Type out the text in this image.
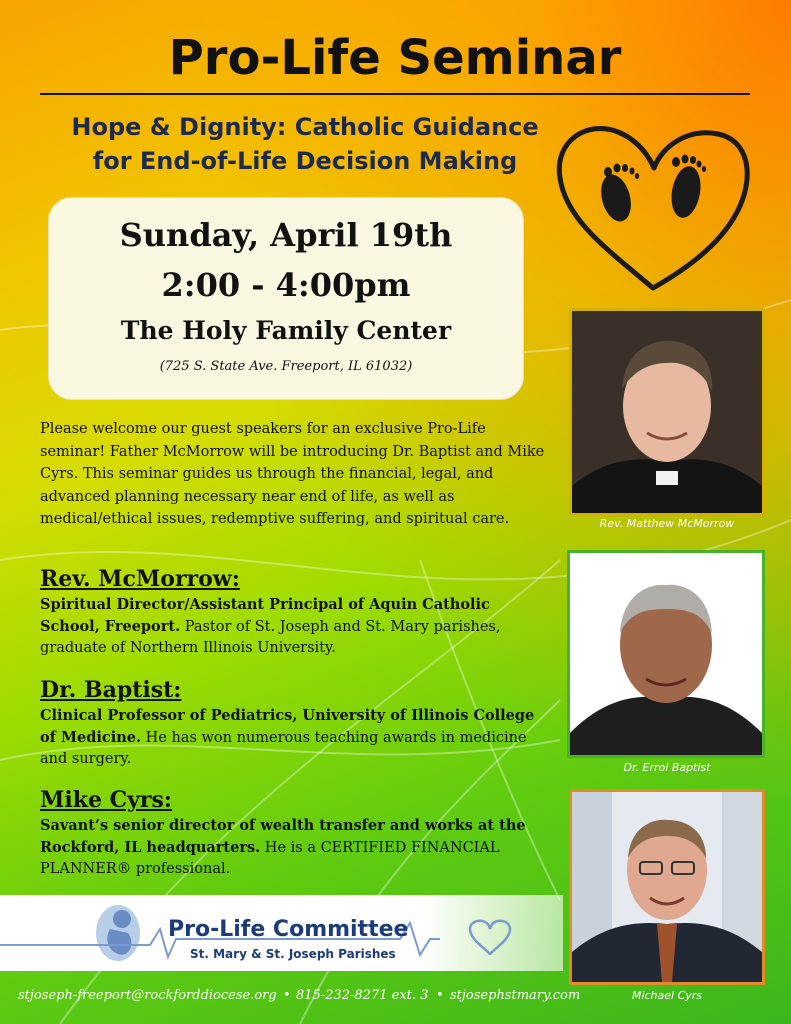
Pro-Life Seminar
Hope & Dignity: Catholic Guidance
for End-of-Life Decision Making
Sunday, April 19th
2:00 - 4:00pm
The Holy Family Center
(725 S. State Ave. Freeport, IL 61032)
Please welcome our guest speakers for an exclusive Pro-Life seminar! Father McMorrow will be introducing Dr. Baptist and Mike Cyrs. This seminar guides us through the financial, legal, and advanced planning necessary near end of life, as well as medical/ethical issues, redemptive suffering, and spiritual care.
Rev. McMorrow:

Spiritual Director/Assistant Principal of Aquin Catholic School, Freeport. Pastor of St. Joseph and St. Mary parishes, graduate of Northern Illinois University.

Dr. Baptist:

Clinical Professor of Pediatrics, University of Illinois College of Medicine. He has won numerous teaching awards in medicine and surgery.

Mike Cyrs:

Savant’s senior director of wealth transfer and works at the Rockford, IL headquarters. He is a CERTIFIED FINANCIAL PLANNER® professional.

Rev. Matthew McMorrow
Dr. Errol Baptist
Michael Cyrs
Pro-Life Committee
St. Mary & St. Joseph Parishes
stjoseph-freeport@rockforddiocese.org • 815-232-8271 ext. 3 • stjosephstmary.com
